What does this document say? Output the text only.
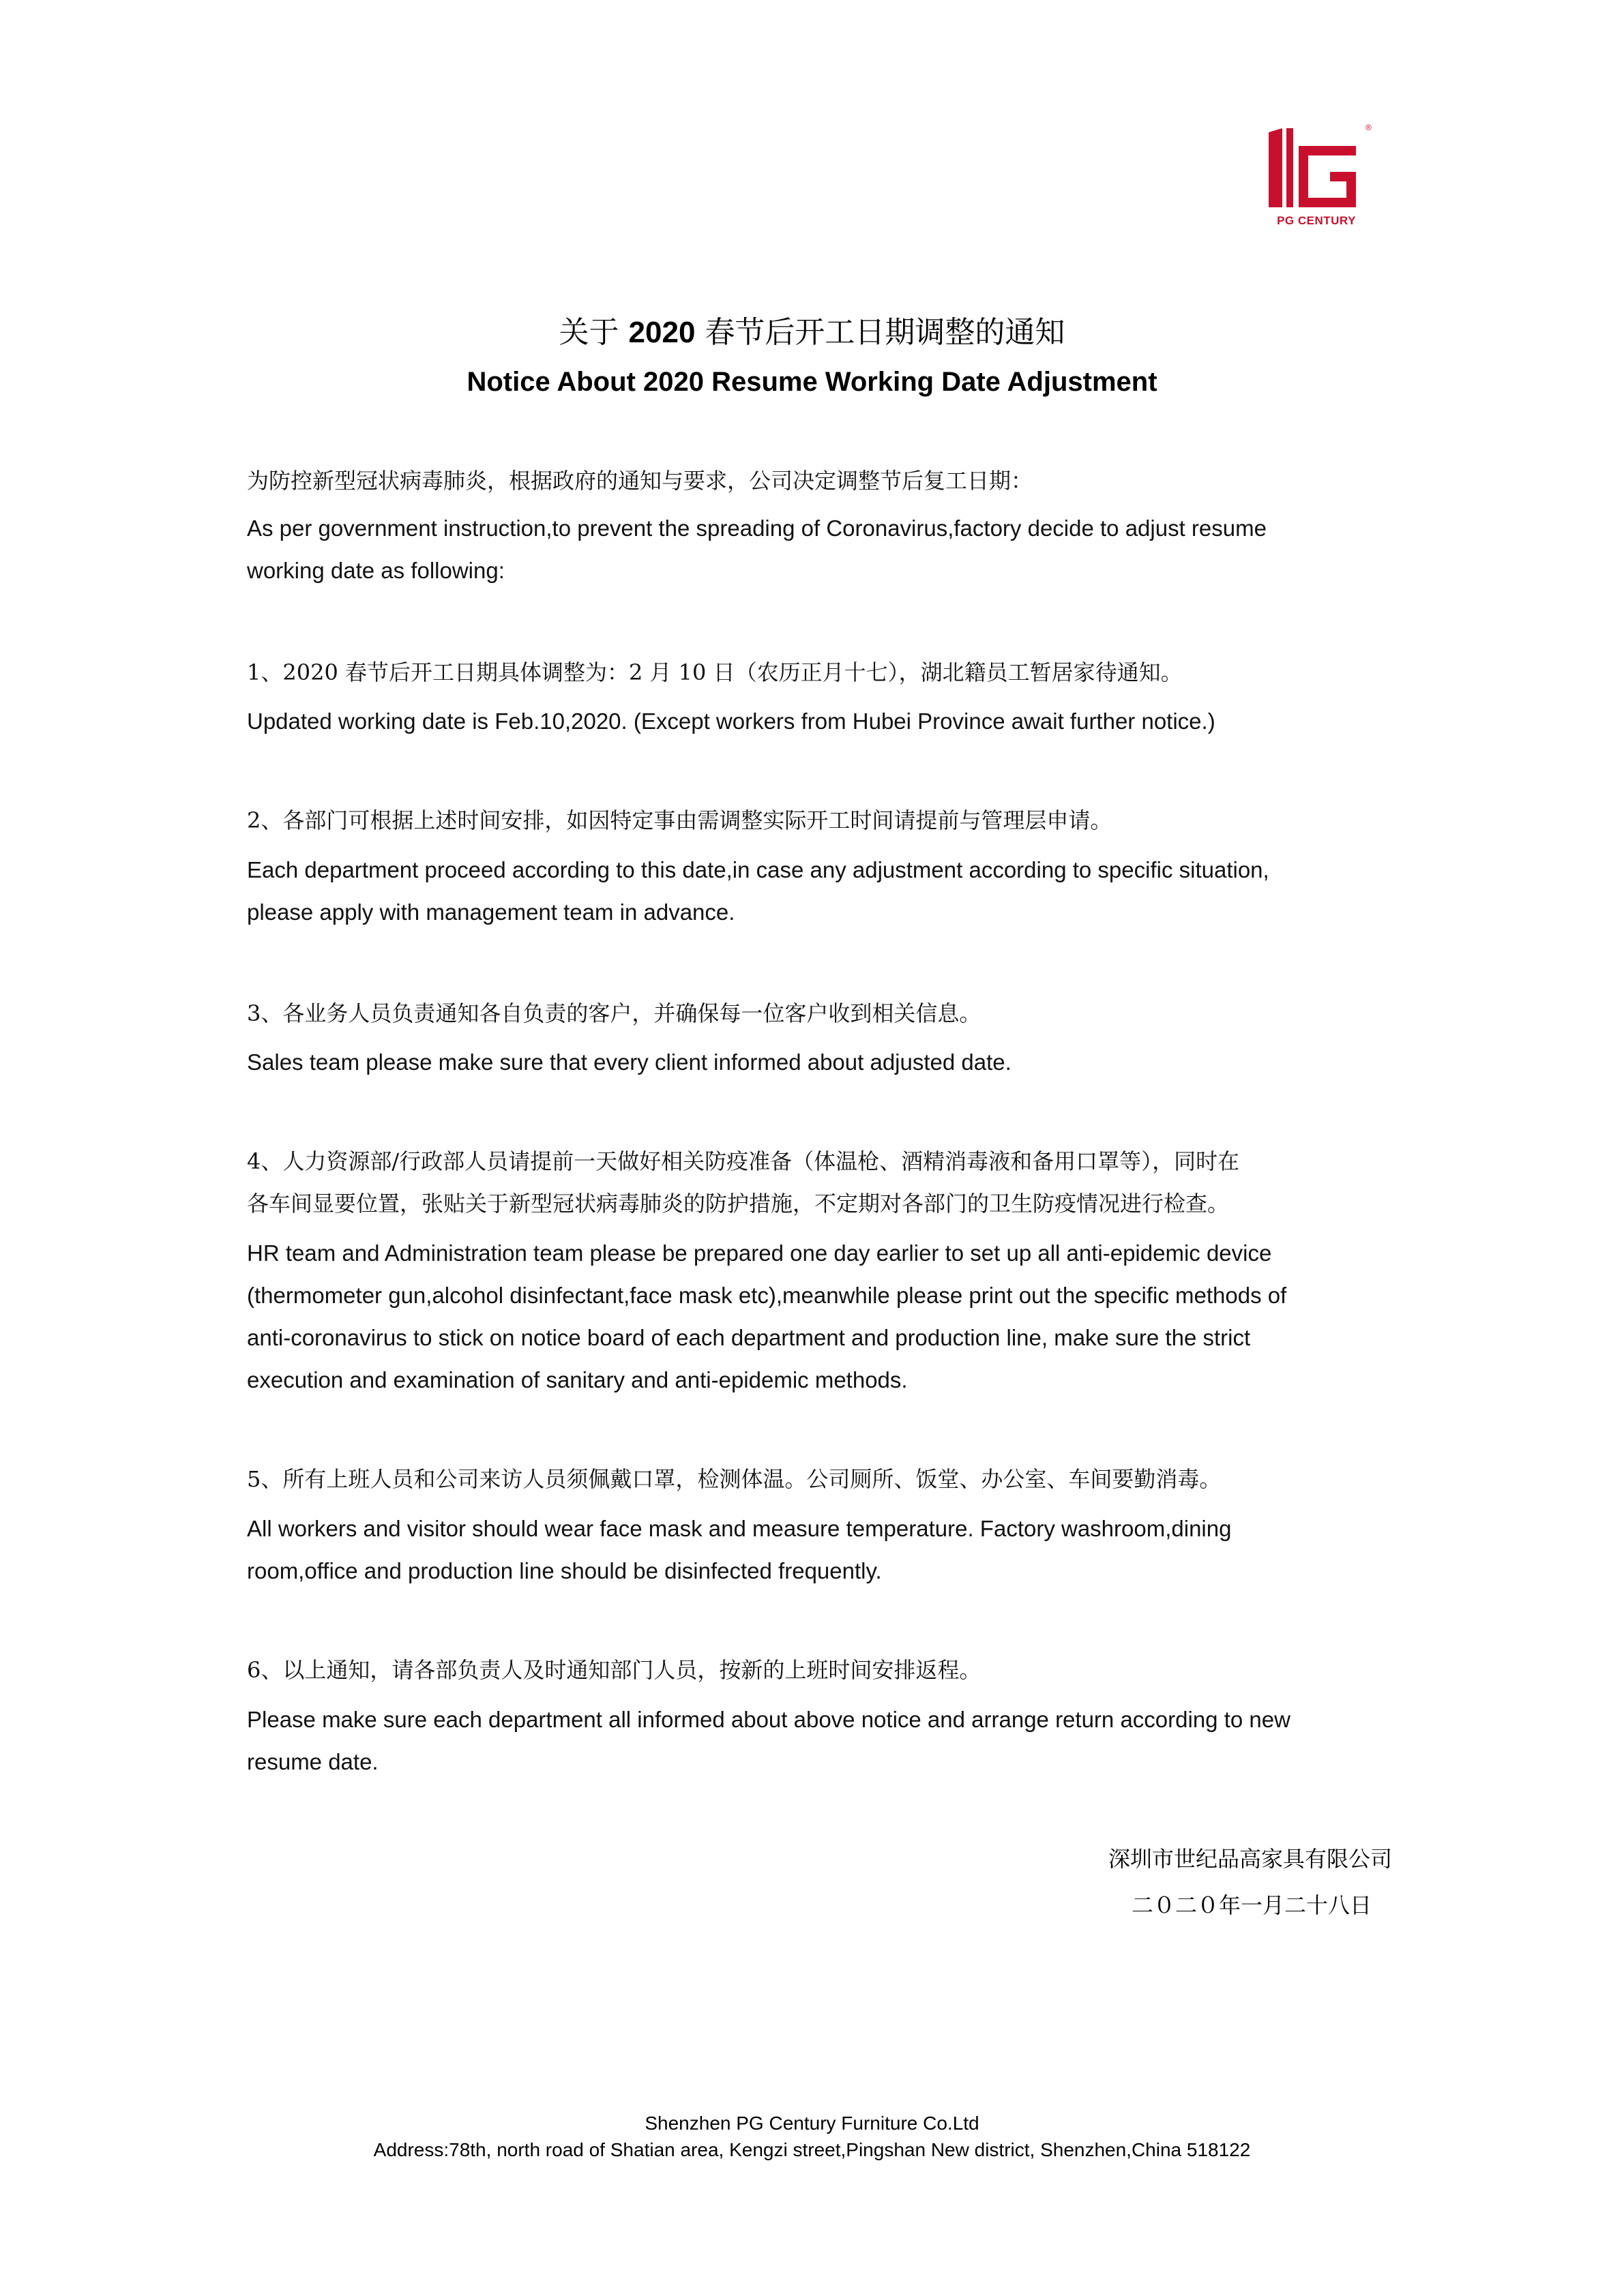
®
PG CENTURY
关于 2020 春节后开工日期调整的通知
Notice About 2020 Resume Working Date Adjustment
为防控新型冠状病毒肺炎，根据政府的通知与要求，公司决定调整节后复工日期：
As per government instruction,to prevent the spreading of Coronavirus,factory decide to adjust resume
working date as following:
1、2020 春节后开工日期具体调整为：2 月 10 日（农历正月十七），湖北籍员工暂居家待通知。
Updated working date is Feb.10,2020. (Except workers from Hubei Province await further notice.)
2、各部门可根据上述时间安排，如因特定事由需调整实际开工时间请提前与管理层申请。
Each department proceed according to this date,in case any adjustment according to specific situation,
please apply with management team in advance.
3、各业务人员负责通知各自负责的客户，并确保每一位客户收到相关信息。
Sales team please make sure that every client informed about adjusted date.
4、人力资源部/行政部人员请提前一天做好相关防疫准备（体温枪、酒精消毒液和备用口罩等），同时在
各车间显要位置，张贴关于新型冠状病毒肺炎的防护措施，不定期对各部门的卫生防疫情况进行检查。
HR team and Administration team please be prepared one day earlier to set up all anti-epidemic device
(thermometer gun,alcohol disinfectant,face mask etc),meanwhile please print out the specific methods of
anti-coronavirus to stick on notice board of each department and production line, make sure the strict
execution and examination of sanitary and anti-epidemic methods.
5、所有上班人员和公司来访人员须佩戴口罩，检测体温。公司厕所、饭堂、办公室、车间要勤消毒。
All workers and visitor should wear face mask and measure temperature. Factory washroom,dining
room,office and production line should be disinfected frequently.
6、以上通知，请各部负责人及时通知部门人员，按新的上班时间安排返程。
Please make sure each department all informed about above notice and arrange return according to new
resume date.
深圳市世纪品高家具有限公司
二０二０年一月二十八日
Shenzhen PG Century Furniture Co.Ltd
Address:78th, north road of Shatian area, Kengzi street,Pingshan New district, Shenzhen,China 518122
